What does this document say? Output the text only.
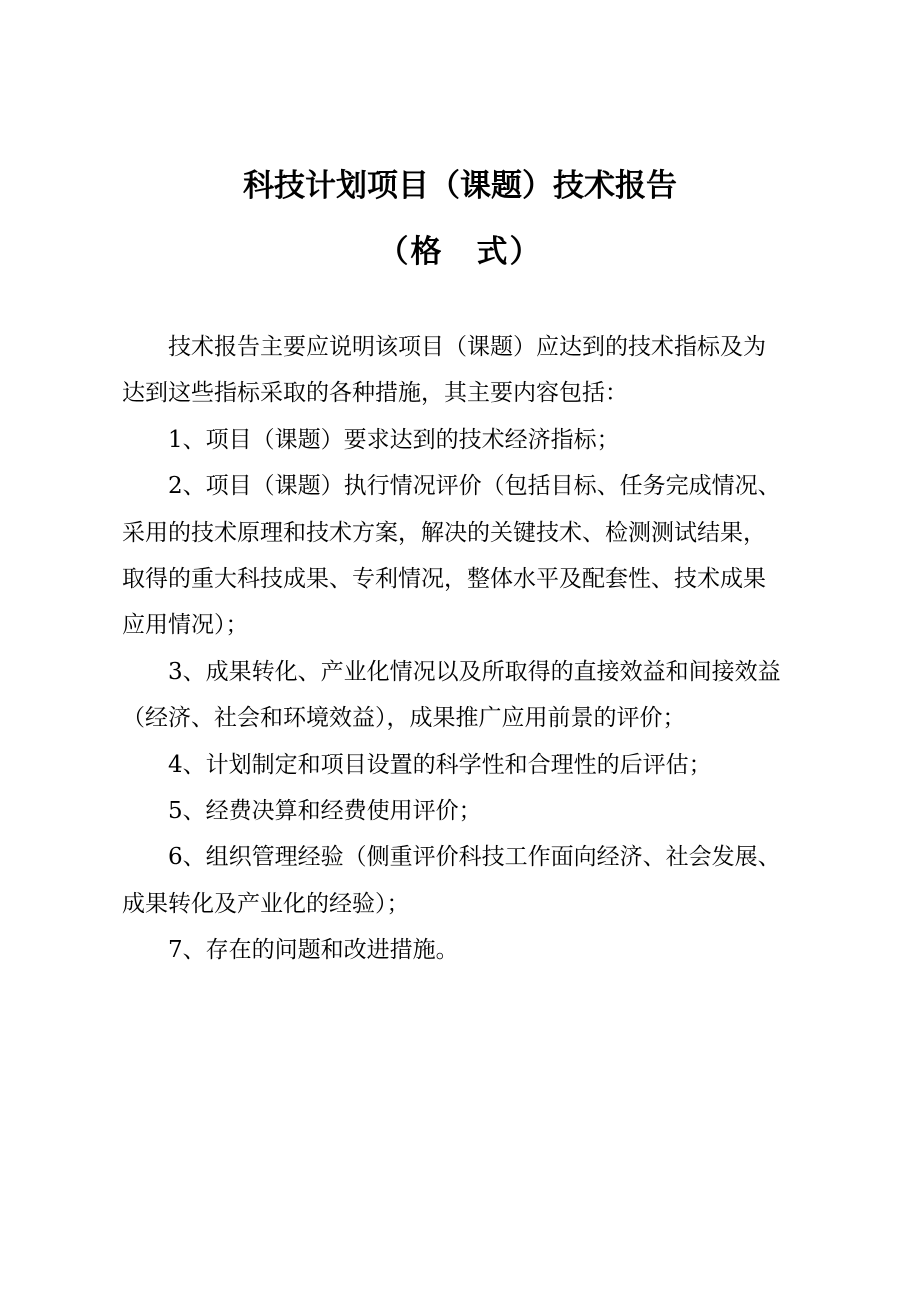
科技计划项目（课题）技术报告
（格　式）
技术报告主要应说明该项目（课题）应达到的技术指标及为
达到这些指标采取的各种措施，其主要内容包括：
1、项目（课题）要求达到的技术经济指标；
2、项目（课题）执行情况评价（包括目标、任务完成情况、
采用的技术原理和技术方案，解决的关键技术、检测测试结果，
取得的重大科技成果、专利情况，整体水平及配套性、技术成果
应用情况）；
3、成果转化、产业化情况以及所取得的直接效益和间接效益
（经济、社会和环境效益），成果推广应用前景的评价；
4、计划制定和项目设置的科学性和合理性的后评估；
5、经费决算和经费使用评价；
6、组织管理经验（侧重评价科技工作面向经济、社会发展、
成果转化及产业化的经验）；
7、存在的问题和改进措施。
